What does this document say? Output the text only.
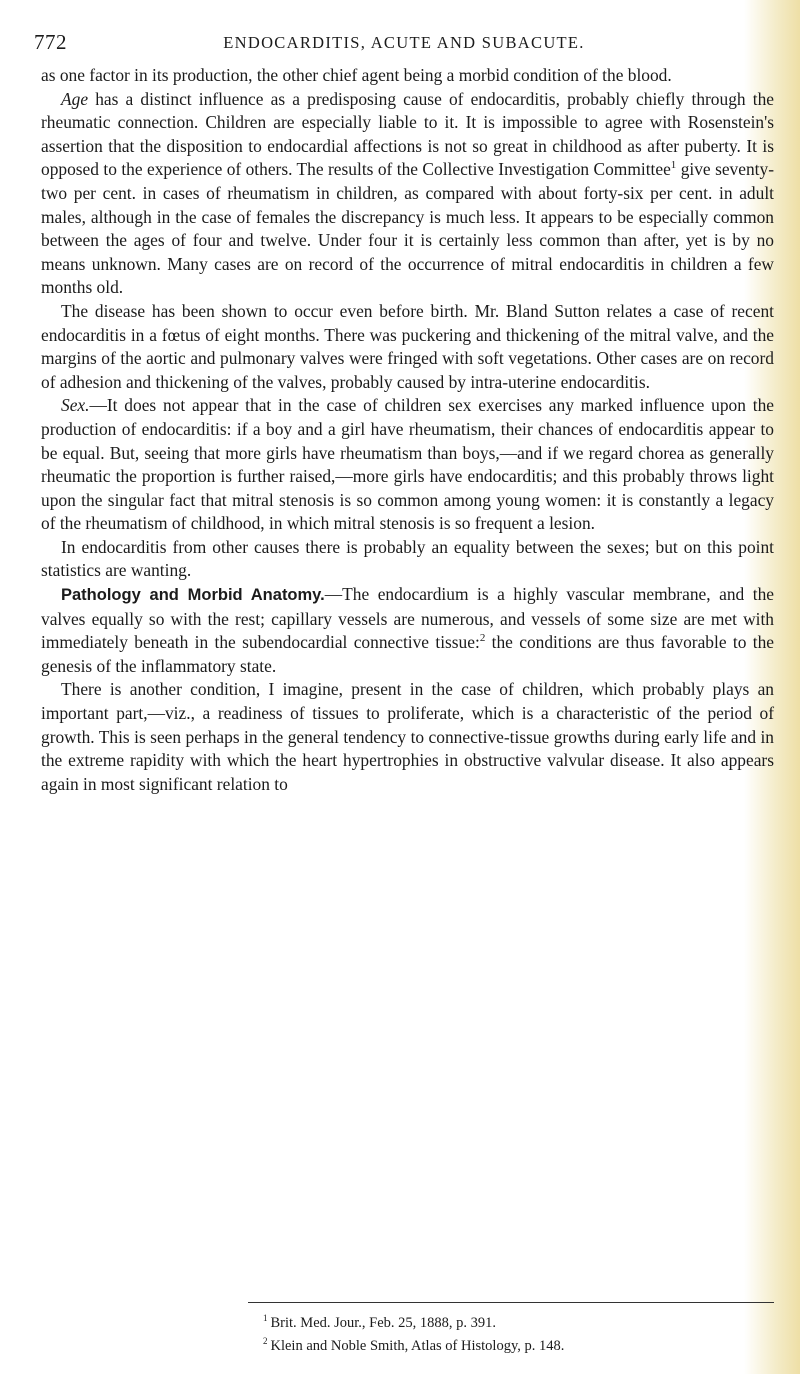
772	ENDOCARDITIS, ACUTE AND SUBACUTE.

as one factor in its production, the other chief agent being a morbid condition of the blood.

Age has a distinct influence as a predisposing cause of endocarditis, probably chiefly through the rheumatic connection. Children are especially liable to it. It is impossible to agree with Rosenstein's assertion that the disposition to endocardial affections is not so great in childhood as after puberty. It is opposed to the experience of others. The results of the Collective Investigation Committee$^1$ give seventy-two per cent. in cases of rheumatism in children, as compared with about forty-six per cent. in adult males, although in the case of females the discrepancy is much less. It appears to be especially common between the ages of four and twelve. Under four it is certainly less common than after, yet is by no means unknown. Many cases are on record of the occurrence of mitral endocarditis in children a few months old.

The disease has been shown to occur even before birth. Mr. Bland Sutton relates a case of recent endocarditis in a fœtus of eight months. There was puckering and thickening of the mitral valve, and the margins of the aortic and pulmonary valves were fringed with soft vegetations. Other cases are on record of adhesion and thickening of the valves, probably caused by intra-uterine endocarditis.

Sex.—It does not appear that in the case of children sex exercises any marked influence upon the production of endocarditis: if a boy and a girl have rheumatism, their chances of endocarditis appear to be equal. But, seeing that more girls have rheumatism than boys,—and if we regard chorea as generally rheumatic the proportion is further raised,—more girls have endocarditis; and this probably throws light upon the singular fact that mitral stenosis is so common among young women: it is constantly a legacy of the rheumatism of childhood, in which mitral stenosis is so frequent a lesion.

In endocarditis from other causes there is probably an equality between the sexes; but on this point statistics are wanting.

Pathology and Morbid Anatomy.—The endocardium is a highly vascular membrane, and the valves equally so with the rest; capillary vessels are numerous, and vessels of some size are met with immediately beneath in the subendocardial connective tissue:$^2$ the conditions are thus favorable to the genesis of the inflammatory state.

There is another condition, I imagine, present in the case of children, which probably plays an important part,—viz., a readiness of tissues to proliferate, which is a characteristic of the period of growth. This is seen perhaps in the general tendency to connective-tissue growths during early life and in the extreme rapidity with which the heart hypertrophies in obstructive valvular disease. It also appears again in most significant relation to

$^1$ Brit. Med. Jour., Feb. 25, 1888, p. 391.

$^2$ Klein and Noble Smith, Atlas of Histology, p. 148.
